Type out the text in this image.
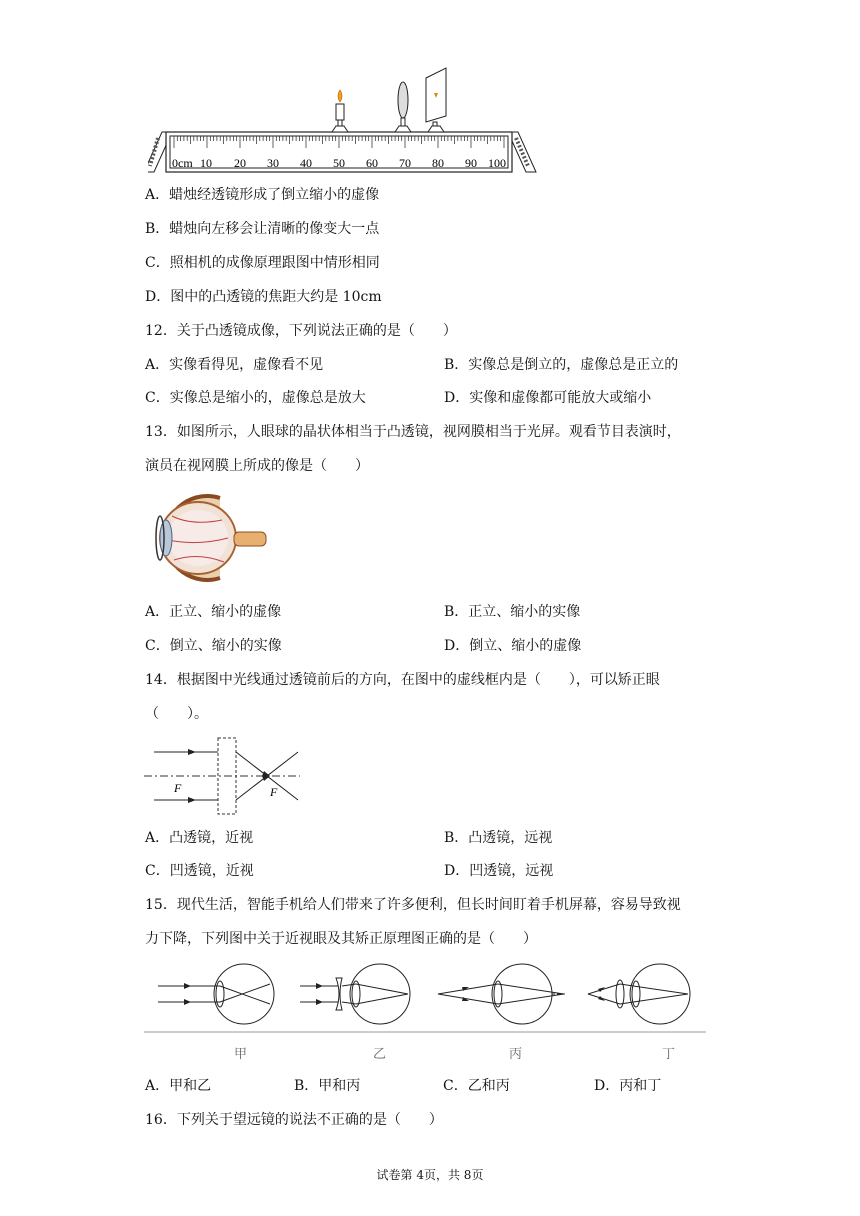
0cm 10 20 30 40 50 60 70 80 90 100
A．蜡烛经透镜形成了倒立缩小的虚像
B．蜡烛向左移会让清晰的像变大一点
C．照相机的成像原理跟图中情形相同
D．图中的凸透镜的焦距大约是 10cm
12．关于凸透镜成像，下列说法正确的是（　　）
A．实像看得见，虚像看不见	B．实像总是倒立的，虚像总是正立的
C．实像总是缩小的，虚像总是放大	D．实像和虚像都可能放大或缩小
13．如图所示，人眼球的晶状体相当于凸透镜，视网膜相当于光屏。观看节目表演时，
演员在视网膜上所成的像是（　　）
A．正立、缩小的虚像	B．正立、缩小的实像
C．倒立、缩小的实像	D．倒立、缩小的虚像
14．根据图中光线通过透镜前后的方向，在图中的虚线框内是（　　），可以矫正眼
（　　）。
F	F
A．凸透镜，近视	B．凸透镜，远视
C．凹透镜，近视	D．凹透镜，远视
15．现代生活，智能手机给人们带来了许多便利，但长时间盯着手机屏幕，容易导致视
力下降，下列图中关于近视眼及其矫正原理图正确的是（　　）
甲	乙	丙	丁
A．甲和乙	B．甲和丙	C．乙和丙	D．丙和丁
16．下列关于望远镜的说法不正确的是（　　）
试卷第 4页，共 8页
